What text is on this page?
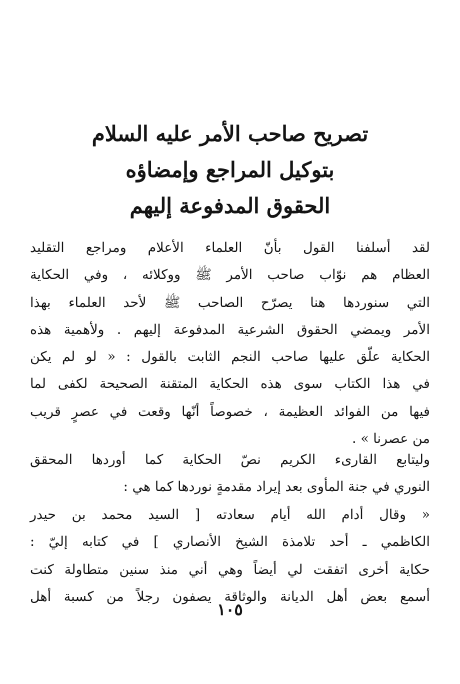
تصريح صاحب الأمر عليه السلام
بتوكيل المراجع وإمضاؤه
الحقوق المدفوعة إليهم
لقد أسلفنا القول بأنّ العلماء الأعلام ومراجع التقليد
العظام هم نوّاب صاحب الأمر ﷺ ووكلائه ، وفي الحكاية
التي سنوردها هنا يصرّح الصاحب ﷺ لأحد العلماء بهذا
الأمر ويمضي الحقوق الشرعية المدفوعة إليهم . ولأهمية هذه
الحكاية علّق عليها صاحب النجم الثابت بالقول : « لو لم يكن
في هذا الكتاب سوى هذه الحكاية المتقنة الصحيحة لكفى لما
فيها من الفوائد العظيمة ، خصوصاً أنّها وقعت في عصرٍ قريب
من عصرنا » .
وليتابع القارىء الكريم نصّ الحكاية كما أوردها المحقق
النوري في جنة المأوى بعد إيراد مقدمةٍ نوردها كما هي :
« وقال أدام الله أيام سعادته [ السيد محمد بن حيدر
الكاظمي ـ أحد تلامذة الشيخ الأنصاري ] في كتابه إليّ :
حكاية أخرى اتفقت لي أيضاً وهي أني منذ سنين متطاولة كنت
أسمع بعض أهل الديانة والوثاقة يصفون رجلاً من كسبة أهل
١٠٥
